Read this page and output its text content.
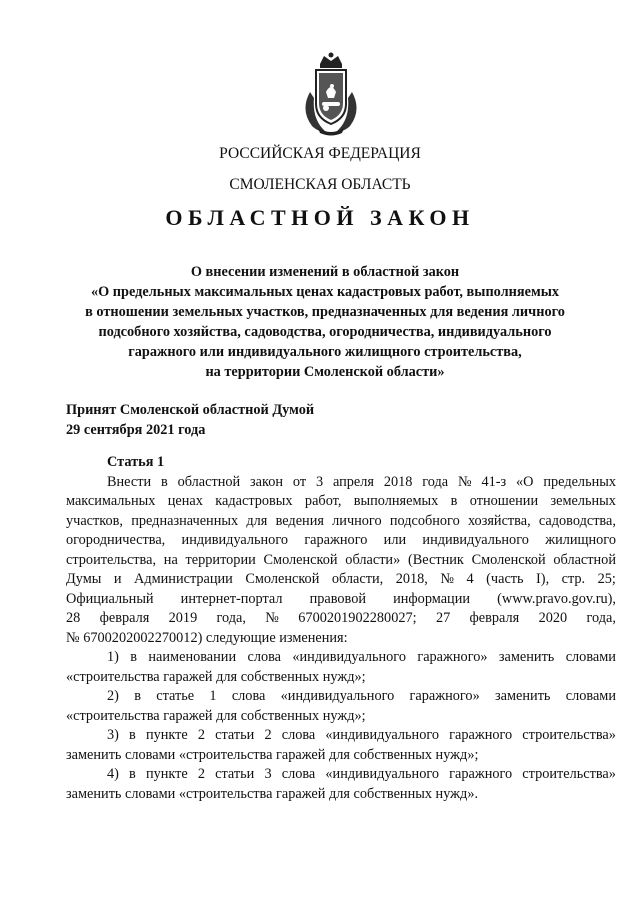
РОССИЙСКАЯ ФЕДЕРАЦИЯ
СМОЛЕНСКАЯ ОБЛАСТЬ
ОБЛАСТНОЙ ЗАКОН
О внесении изменений в областной закон
«О предельных максимальных ценах кадастровых работ, выполняемых
в отношении земельных участков, предназначенных для ведения личного
подсобного хозяйства, садоводства, огородничества, индивидуального
гаражного или индивидуального жилищного строительства,
на территории Смоленской области»
Принят Смоленской областной Думой
29 сентября 2021 года
Статья 1
Внести в областной закон от 3 апреля 2018 года № 41-з «О предельных
максимальных ценах кадастровых работ, выполняемых в отношении земельных
участков, предназначенных для ведения личного подсобного хозяйства, садоводства,
огородничества, индивидуального гаражного или индивидуального жилищного
строительства, на территории Смоленской области» (Вестник Смоленской областной
Думы и Администрации Смоленской области, 2018, № 4 (часть I), стр. 25;
Официальный интернет-портал правовой информации (www.pravo.gov.ru),
28 февраля 2019 года, № 6700201902280027; 27 февраля 2020 года,
№ 6700202002270012) следующие изменения:
1) в наименовании слова «индивидуального гаражного» заменить словами
«строительства гаражей для собственных нужд»;
2) в статье 1 слова «индивидуального гаражного» заменить словами
«строительства гаражей для собственных нужд»;
3) в пункте 2 статьи 2 слова «индивидуального гаражного строительства»
заменить словами «строительства гаражей для собственных нужд»;
4) в пункте 2 статьи 3 слова «индивидуального гаражного строительства»
заменить словами «строительства гаражей для собственных нужд».
